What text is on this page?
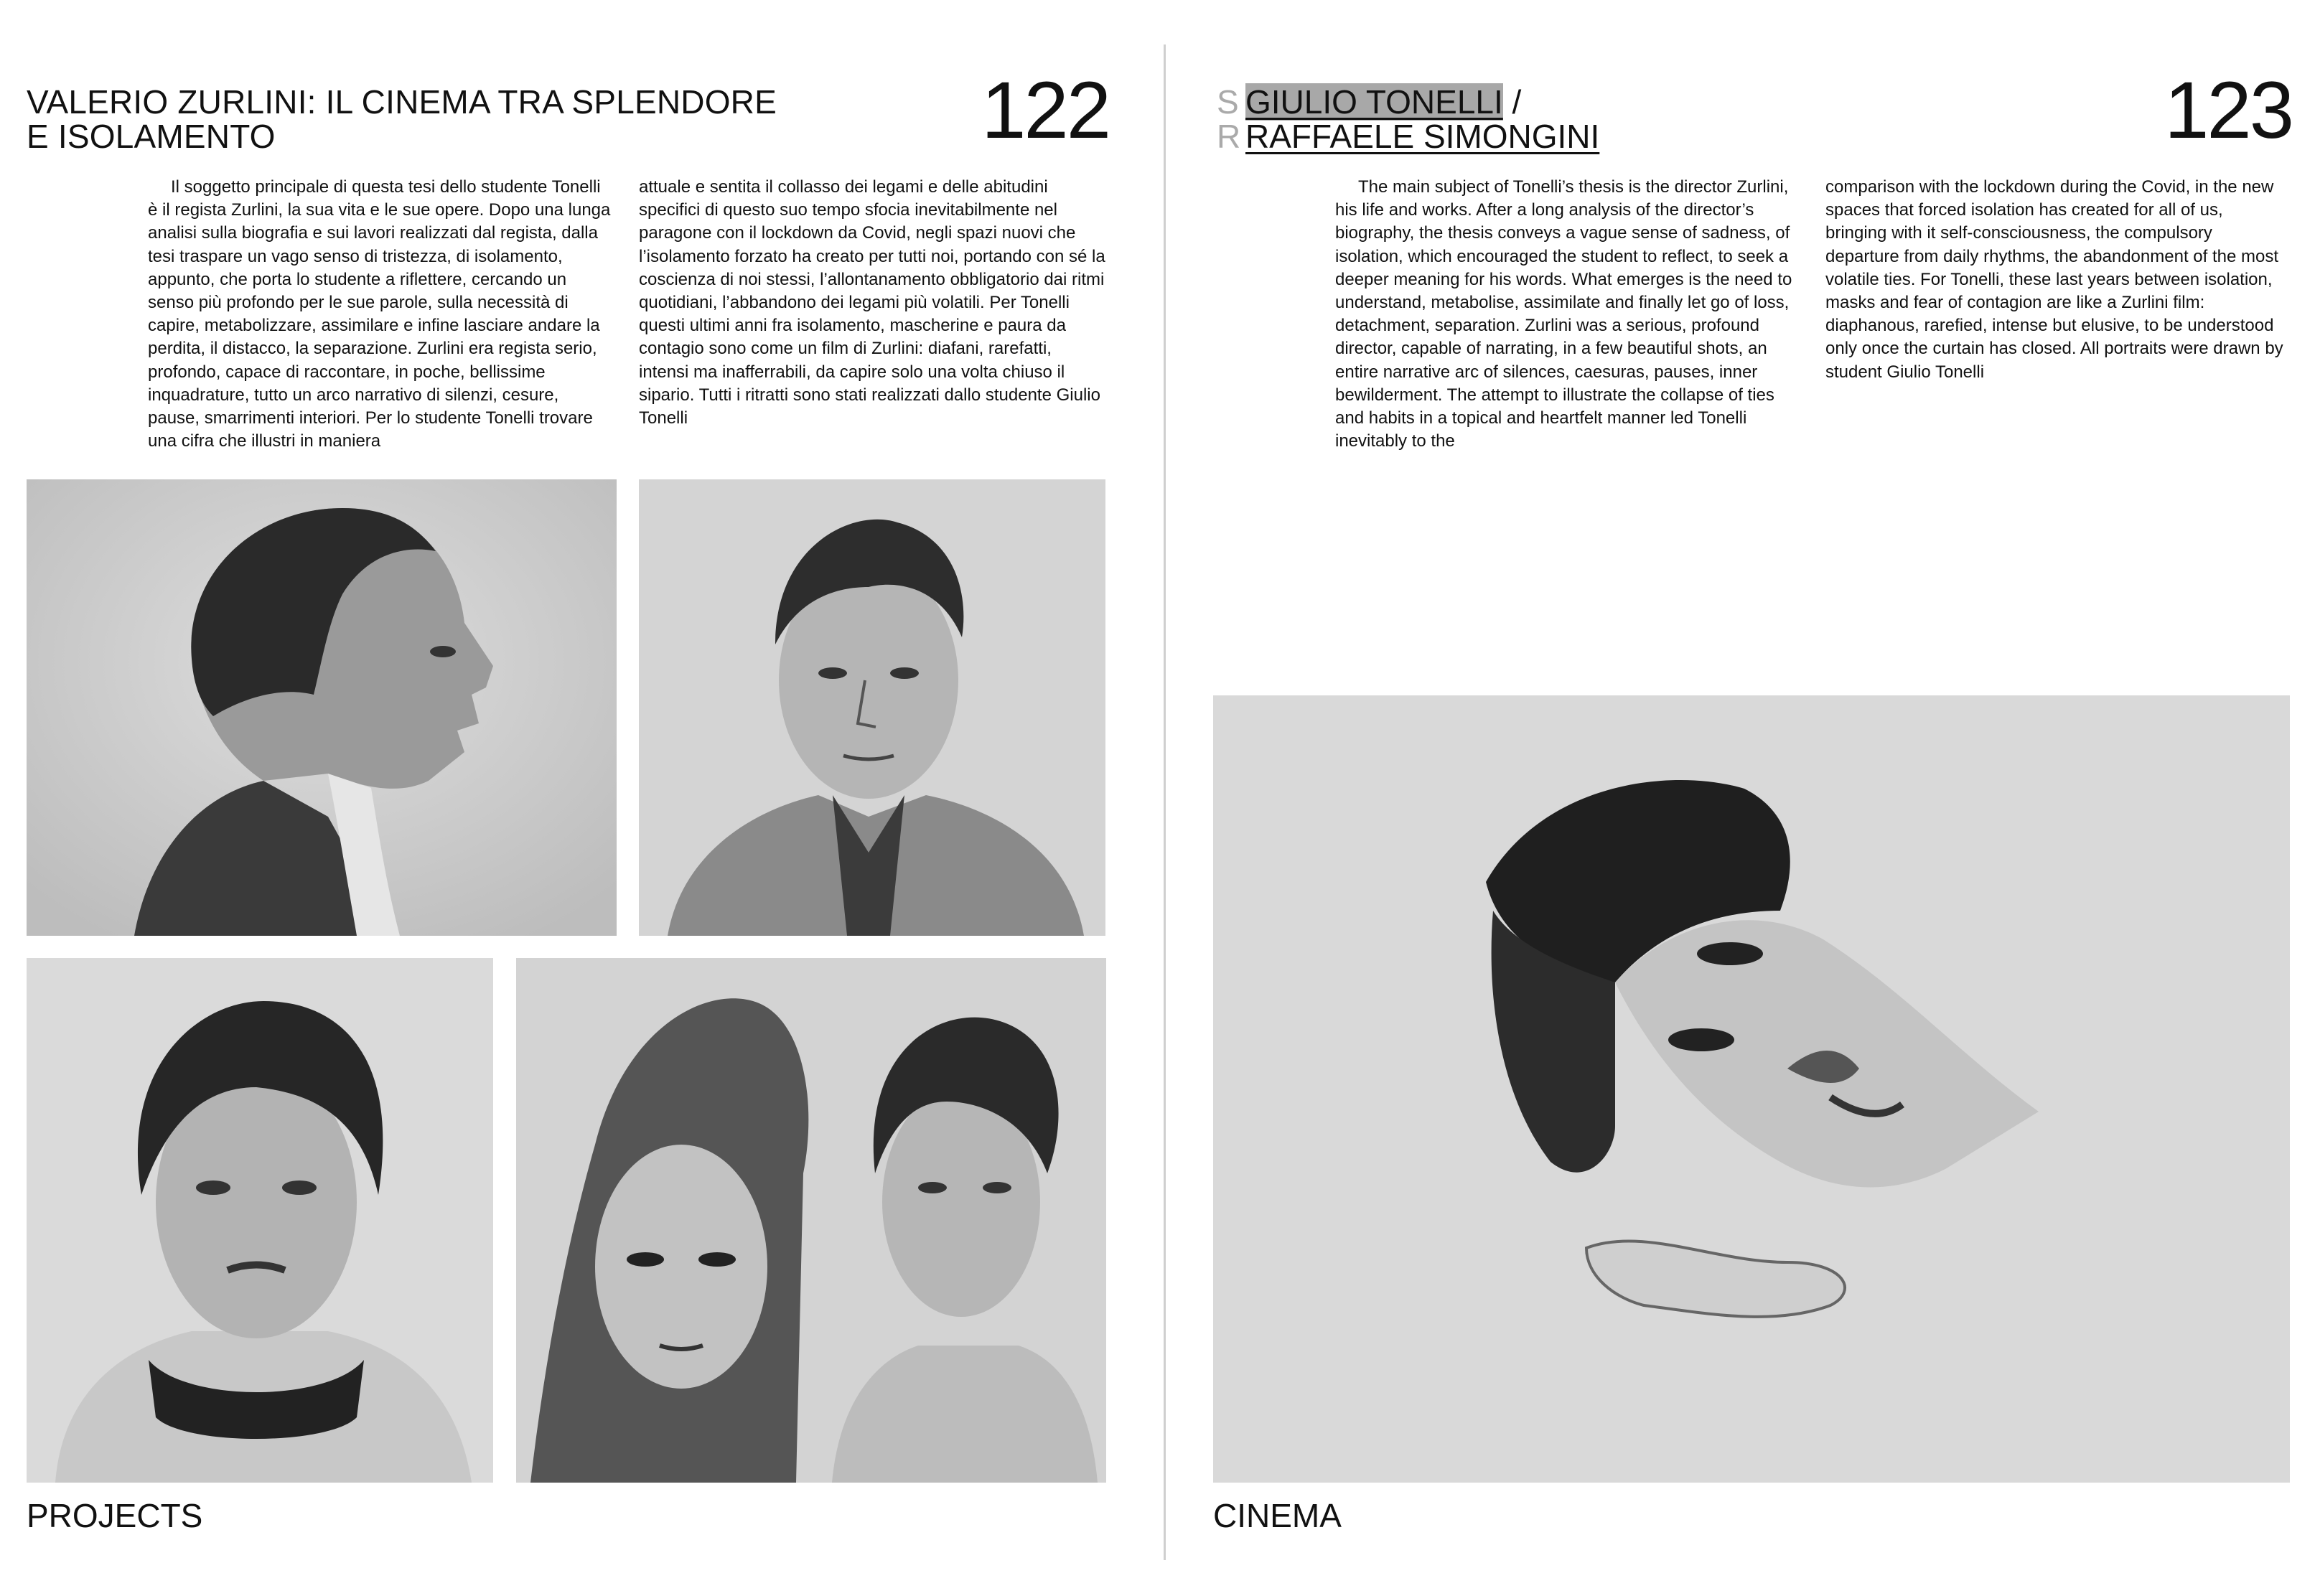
VALERIO ZURLINI: IL CINEMA TRA SPLENDORE E ISOLAMENTO	122

Il soggetto principale di questa tesi dello studente Tonelli è il regista Zurlini, la sua vita e le sue opere. Dopo una lunga analisi sulla biografia e sui lavori realizzati dal regista, dalla tesi traspare un vago senso di tristezza, di isolamento, appunto, che porta lo studente a riflettere, cercando un senso più profondo per le sue parole, sulla necessità di capire, metabolizzare, assimilare e infine lasciare andare la perdita, il distacco, la separazione. Zurlini era regista serio, profondo, capace di raccontare, in poche, bellissime inquadrature, tutto un arco narrativo di silenzi, cesure, pause, smarrimenti interiori. Per lo studente Tonelli trovare una cifra che illustri in maniera

attuale e sentita il collasso dei legami e delle abitudini specifici di questo suo tempo sfocia inevitabilmente nel paragone con il lockdown da Covid, negli spazi nuovi che l’isolamento forzato ha creato per tutti noi, portando con sé la coscienza di noi stessi, l’allontanamento obbligatorio dai ritmi quotidiani, l’abbandono dei legami più volatili. Per Tonelli questi ultimi anni fra isolamento, mascherine e paura da contagio sono come un film di Zurlini: diafani, rarefatti, intensi ma inafferrabili, da capire solo una volta chiuso il sipario. Tutti i ritratti sono stati realizzati dallo studente Giulio Tonelli

PROJECTS
S GIULIO TONELLI /
R RAFFAELE SIMONGINI	123

The main subject of Tonelli’s thesis is the director Zurlini, his life and works. After a long analysis of the director’s biography, the thesis conveys a vague sense of sadness, of isolation, which encouraged the student to reflect, to seek a deeper meaning for his words. What emerges is the need to understand, metabolise, assimilate and finally let go of loss, detachment, separation. Zurlini was a serious, profound director, capable of narrating, in a few beautiful shots, an entire narrative arc of silences, caesuras, pauses, inner bewilderment. The attempt to illustrate the collapse of ties and habits in a topical and heartfelt manner led Tonelli inevitably to the

comparison with the lockdown during the Covid, in the new spaces that forced isolation has created for all of us, bringing with it self-consciousness, the compulsory departure from daily rhythms, the abandonment of the most volatile ties. For Tonelli, these last years between isolation, masks and fear of contagion are like a Zurlini film: diaphanous, rarefied, intense but elusive, to be understood only once the curtain has closed. All portraits were drawn by student Giulio Tonelli

CINEMA
